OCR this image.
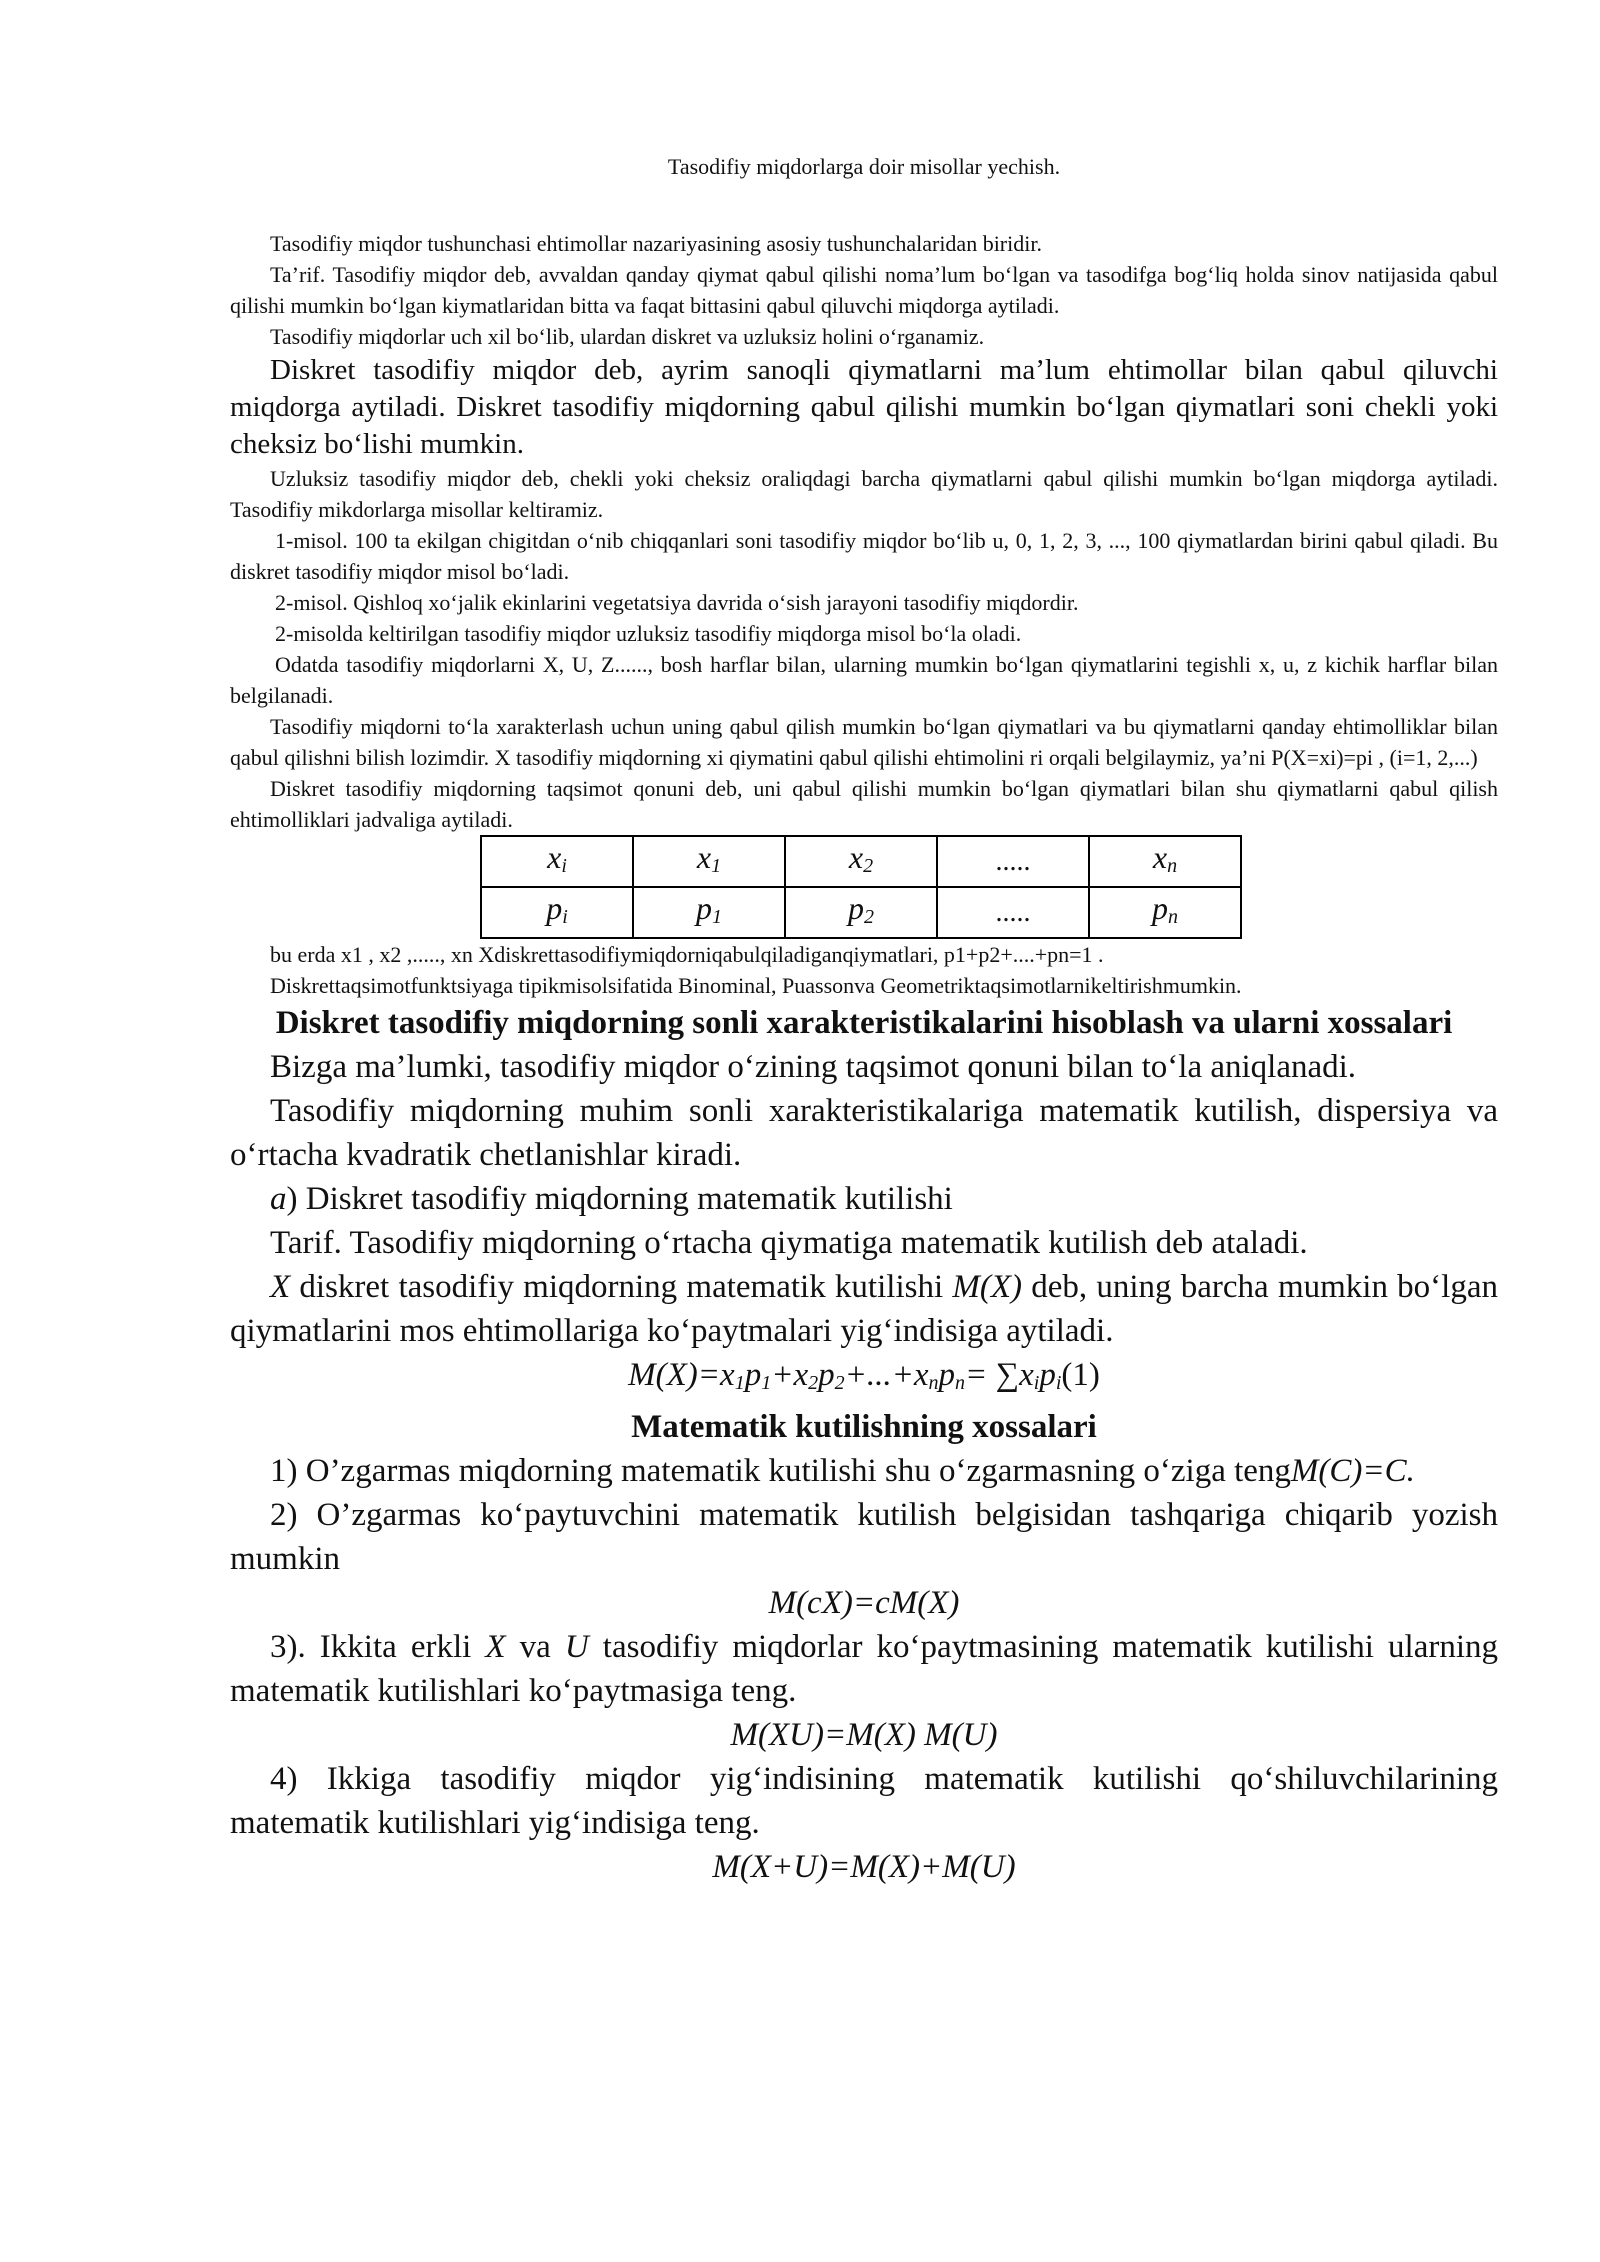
Tasodifiy miqdorlarga doir misollar yechish.

Tasodifiy miqdor tushunchasi ehtimollar nazariyasining asosiy tushunchalaridan biridir.

Ta’rif. Tasodifiy miqdor deb, avvaldan qanday qiymat qabul qilishi noma’lum bo‘lgan va tasodifga bog‘liq holda sinov natijasida qabul qilishi mumkin bo‘lgan kiymatlaridan bitta va faqat bittasini qabul qiluvchi miqdorga aytiladi.

Tasodifiy miqdorlar uch xil bo‘lib, ulardan diskret va uzluksiz holini o‘rganamiz.

Diskret tasodifiy miqdor deb, ayrim sanoqli qiymatlarni ma’lum ehtimollar bilan qabul qiluvchi miqdorga aytiladi. Diskret tasodifiy miqdorning qabul qilishi mumkin bo‘lgan qiymatlari soni chekli yoki cheksiz bo‘lishi mumkin.

Uzluksiz tasodifiy miqdor deb, chekli yoki cheksiz oraliqdagi barcha qiymatlarni qabul qilishi mumkin bo‘lgan miqdorga aytiladi. Tasodifiy mikdorlarga misollar keltiramiz.

1-misol. 100 ta ekilgan chigitdan o‘nib chiqqanlari soni tasodifiy miqdor bo‘lib u, 0, 1, 2, 3, ..., 100 qiymatlardan birini qabul qiladi. Bu diskret tasodifiy miqdor misol bo‘ladi.

2-misol. Qishloq xo‘jalik ekinlarini vegetatsiya davrida o‘sish jarayoni tasodifiy miqdordir.

2-misolda keltirilgan tasodifiy miqdor uzluksiz tasodifiy miqdorga misol bo‘la oladi.

Odatda tasodifiy miqdorlarni X, U, Z......, bosh harflar bilan, ularning mumkin bo‘lgan qiymatlarini tegishli x, u, z kichik harflar bilan belgilanadi.

Tasodifiy miqdorni to‘la xarakterlash uchun uning qabul qilish mumkin bo‘lgan qiymatlari va bu qiymatlarni qanday ehtimolliklar bilan qabul qilishni bilish lozimdir. X tasodifiy miqdorning xi qiymatini qabul qilishi ehtimolini ri orqali belgilaymiz, ya’ni P(X=xi)=pi , (i=1, 2,...)

Diskret tasodifiy miqdorning taqsimot qonuni deb, uni qabul qilishi mumkin bo‘lgan qiymatlari bilan shu qiymatlarni qabul qilish ehtimolliklari jadvaliga aytiladi.

$x_i$	$x_1$	$x_2$	.....	$x_n$
$p_i$	$p_1$	$p_2$	.....	$p_n$

bu erda x1 , x2 ,....., xn Xdiskrettasodifiymiqdorniqabulqiladiganqiymatlari, p1+p2+....+pn=1 .

Diskrettaqsimotfunktsiyaga tipikmisolsifatida Binominal, Puassonva Geometriktaqsimotlarnikeltirishmumkin.

Diskret tasodifiy miqdorning sonli xarakteristikalarini hisoblash va ularni xossalari

Bizga ma’lumki, tasodifiy miqdor o‘zining taqsimot qonuni bilan to‘la aniqlanadi.

Tasodifiy miqdorning muhim sonli xarakteristikalariga matematik kutilish, dispersiya va o‘rtacha kvadratik chetlanishlar kiradi.

a) Diskret tasodifiy miqdorning matematik kutilishi

Tarif. Tasodifiy miqdorning o‘rtacha qiymatiga matematik kutilish deb ataladi.

X diskret tasodifiy miqdorning matematik kutilishi M(X) deb, uning barcha mumkin bo‘lgan qiymatlarini mos ehtimollariga ko‘paytmalari yig‘indisiga aytiladi.

$M(X)=x_1p_1+x_2p_2+...+x_np_n= \sum x_ip_i(1)$

Matematik kutilishning xossalari

1) O’zgarmas miqdorning matematik kutilishi shu o‘zgarmasning o‘ziga tengM(C)=C.

2) O’zgarmas ko‘paytuvchini matematik kutilish belgisidan tashqariga chiqarib yozish mumkin

M(cX)=cM(X)

3). Ikkita erkli X va U tasodifiy miqdorlar ko‘paytmasining matematik kutilishi ularning matematik kutilishlari ko‘paytmasiga teng.

M(XU)=M(X) M(U)

4) Ikkiga tasodifiy miqdor yig‘indisining matematik kutilishi qo‘shiluvchilarining matematik kutilishlari yig‘indisiga teng.

M(X+U)=M(X)+M(U)
